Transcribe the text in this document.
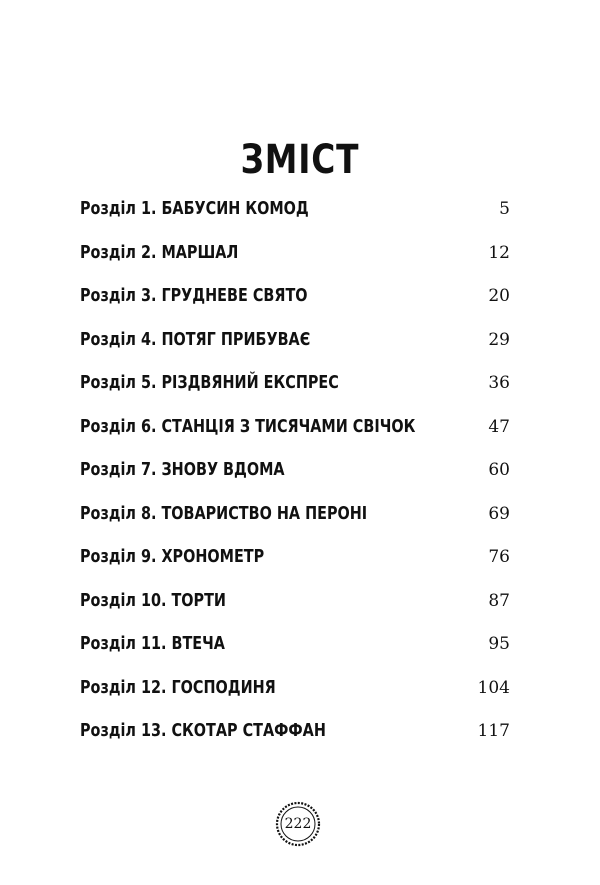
ЗМІСТ
Розділ 1. БАБУСИН КОМОД	5
Розділ 2. МАРШАЛ	12
Розділ 3. ГРУДНЕВЕ СВЯТО	20
Розділ 4. ПОТЯГ ПРИБУВАЄ	29
Розділ 5. РІЗДВЯНИЙ ЕКСПРЕС	36
Розділ 6. СТАНЦІЯ З ТИСЯЧАМИ СВІЧОК	47
Розділ 7. ЗНОВУ ВДОМА	60
Розділ 8. ТОВАРИСТВО НА ПЕРОНІ	69
Розділ 9. ХРОНОМЕТР	76
Розділ 10. ТОРТИ	87
Розділ 11. ВТЕЧА	95
Розділ 12. ГОСПОДИНЯ	104
Розділ 13. СКОТАР СТАФФАН	117
222
